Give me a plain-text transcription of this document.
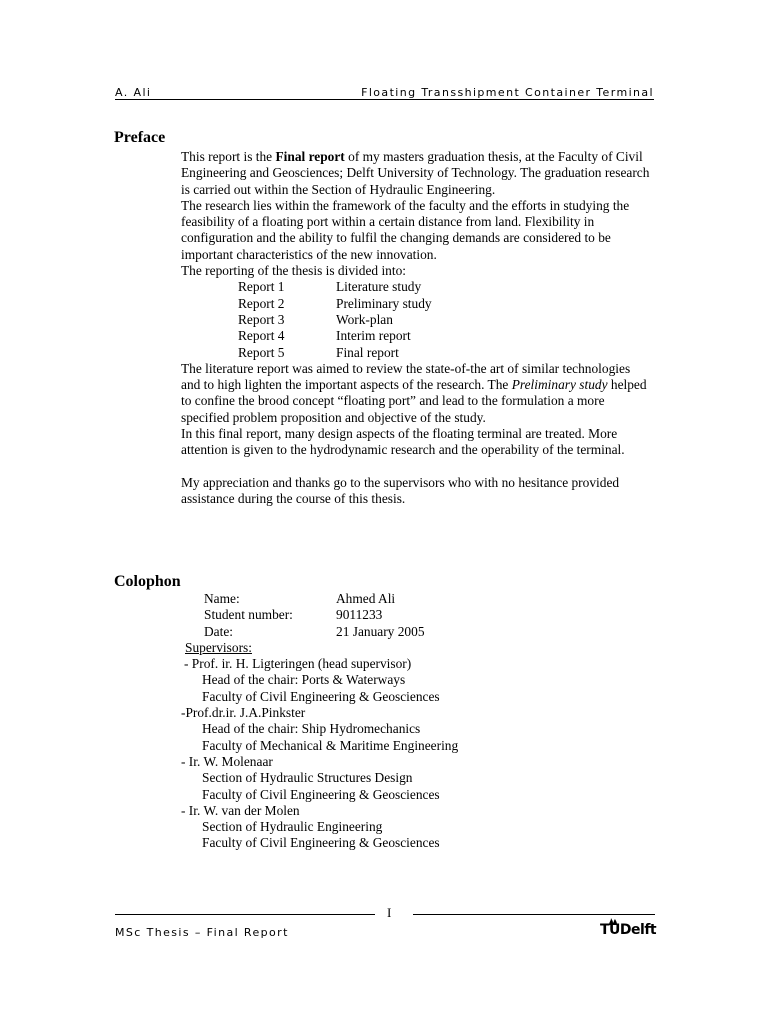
A. Ali	Floating Transshipment Container Terminal
Preface

This report is the Final report of my masters graduation thesis, at the Faculty of Civil Engineering and Geosciences; Delft University of Technology. The graduation research is carried out within the Section of Hydraulic Engineering.

The research lies within the framework of the faculty and the efforts in studying the feasibility of a floating port within a certain distance from land. Flexibility in configuration and the ability to fulfil the changing demands are considered to be important characteristics of the new innovation.

The reporting of the thesis is divided into:

Report 1	Literature study
Report 2	Preliminary study
Report 3	Work-plan
Report 4	Interim report
Report 5	Final report

The literature report was aimed to review the state-of-the art of similar technologies and to high lighten the important aspects of the research. The Preliminary study helped to confine the brood concept “floating port” and lead to the formulation a more specified problem proposition and objective of the study.

In this final report, many design aspects of the floating terminal are treated. More attention is given to the hydrodynamic research and the operability of the terminal.

My appreciation and thanks go to the supervisors who with no hesitance provided  assistance during the course of this thesis.

Colophon
Name:	Ahmed Ali
Student number:	9011233
Date:	21 January 2005
Supervisors:
- Prof. ir. H. Ligteringen (head supervisor)
Head of the chair: Ports & Waterways
Faculty of Civil Engineering & Geosciences
-Prof.dr.ir. J.A.Pinkster
Head of the chair: Ship Hydromechanics
Faculty of Mechanical & Maritime Engineering
- Ir. W. Molenaar
Section of Hydraulic Structures Design
Faculty of Civil Engineering & Geosciences
- Ir. W. van der Molen
Section of Hydraulic Engineering
Faculty of Civil Engineering & Geosciences
I
MSc Thesis – Final Report	TUDelft
